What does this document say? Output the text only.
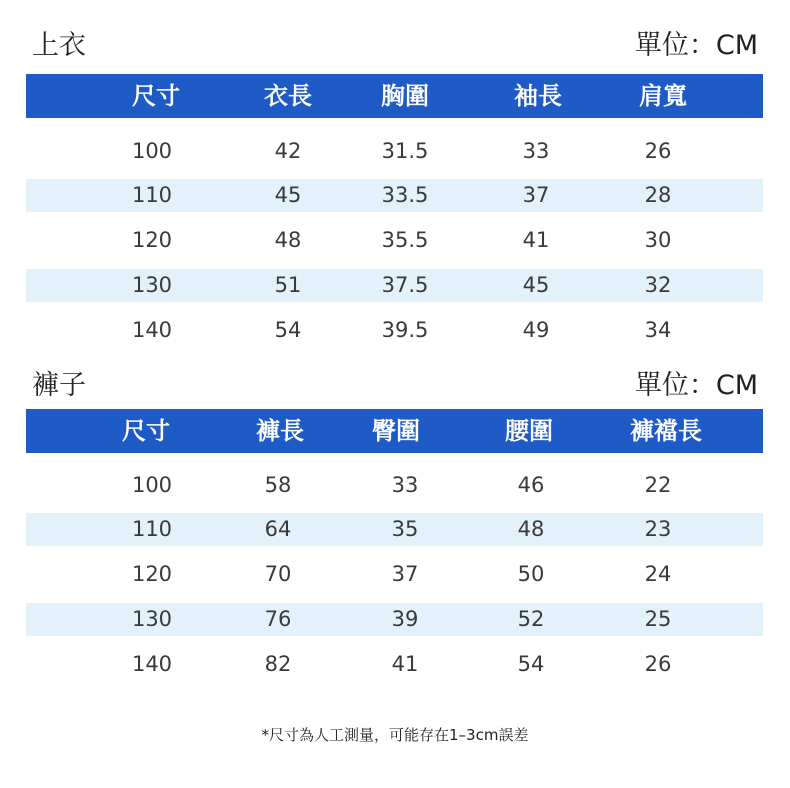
上衣	單位：CM
尺寸	衣長	胸圍	袖長	肩寬
100	42	31.5	33	26
110	45	33.5	37	28
120	48	35.5	41	30
130	51	37.5	45	32
140	54	39.5	49	34
褲子	單位：CM
尺寸	褲長	臀圍	腰圍	褲襠長
100	58	33	46	22
110	64	35	48	23
120	70	37	50	24
130	76	39	52	25
140	82	41	54	26
*尺寸為人工測量，可能存在1–3cm誤差
